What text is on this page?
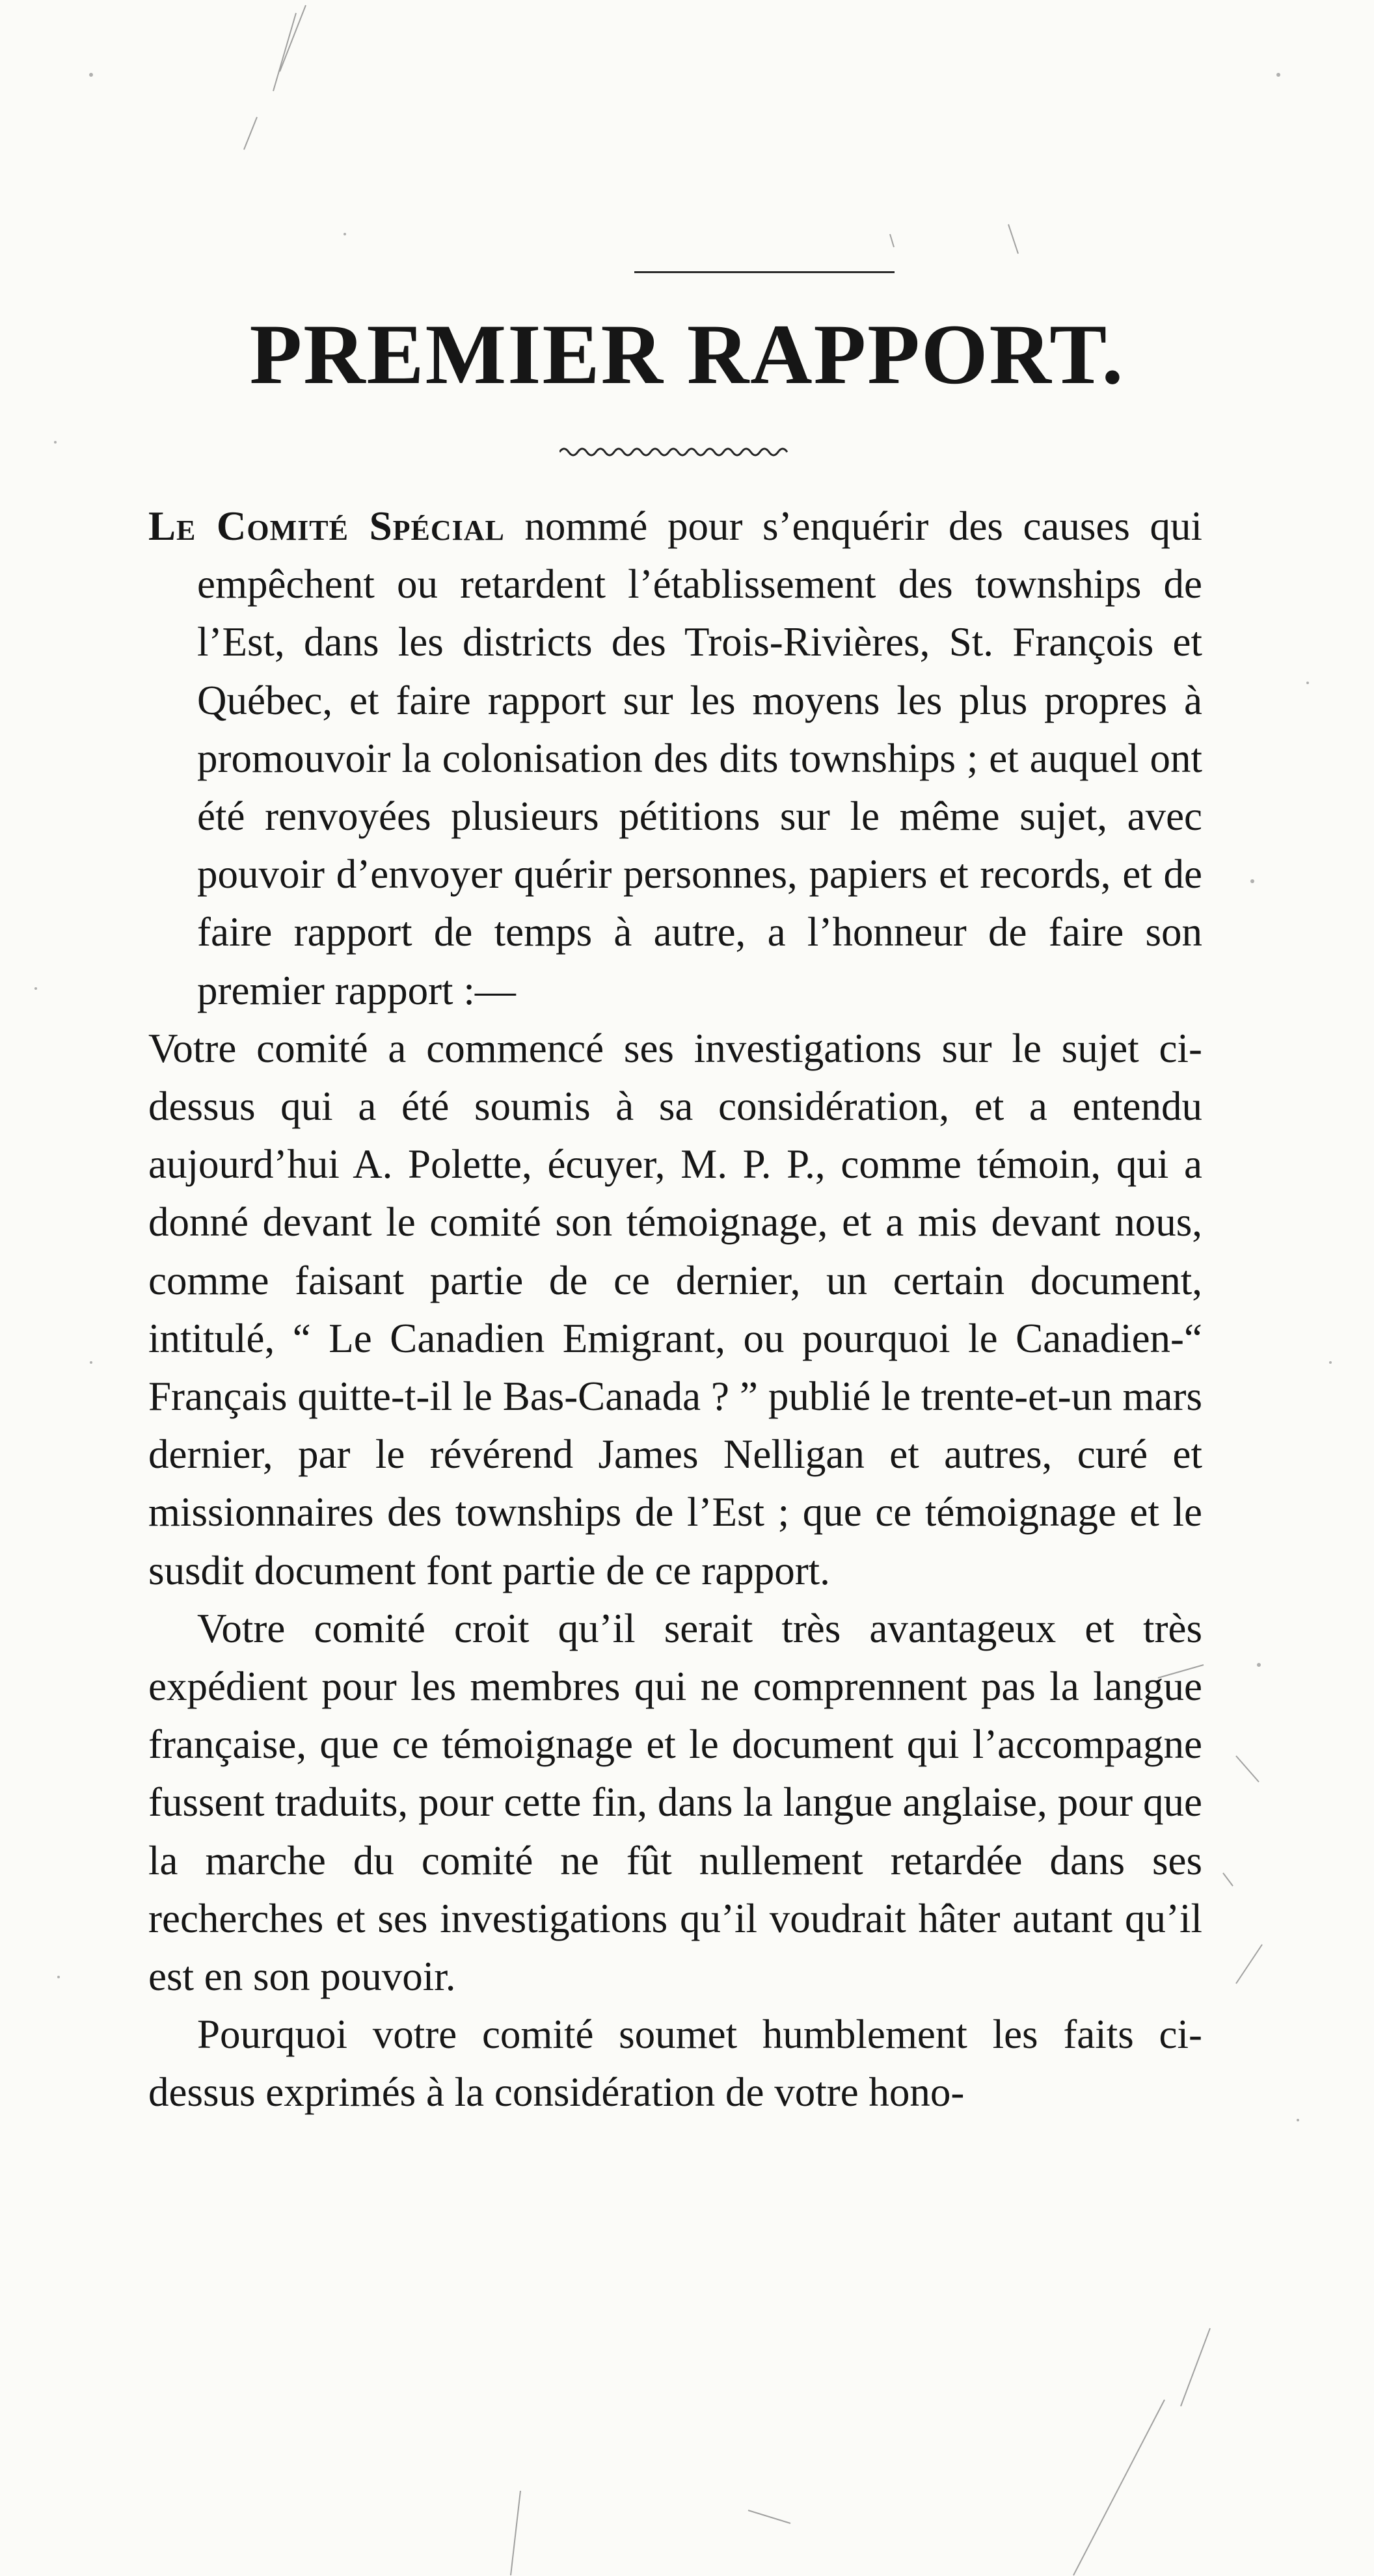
PREMIER RAPPORT.

Le Comité Spécial nommé pour s’enquérir des causes qui empêchent ou retardent l’établissement des townships de l’Est, dans les districts des Trois-Rivières, St. François et Québec, et faire rapport sur les moyens les plus propres à promouvoir la colonisation des dits townships ; et auquel ont été renvoyées plusieurs pétitions sur le même sujet, avec pouvoir d’envoyer quérir personnes, papiers et records, et de faire rapport de temps à autre, a l’honneur de faire son premier rapport :—

Votre comité a commencé ses investigations sur le sujet ci-dessus qui a été soumis à sa considération, et a entendu aujourd’hui A. Polette, écuyer, M. P. P., comme témoin, qui a donné devant le comité son témoignage, et a mis devant nous, comme faisant partie de ce dernier, un certain document, intitulé, “ Le Canadien Emigrant, ou pourquoi le Canadien-“ Français quitte-t-il le Bas-Canada ? ” publié le trente-et-un mars dernier, par le révérend James Nelligan et autres, curé et missionnaires des townships de l’Est ; que ce témoignage et le susdit document font partie de ce rapport.

Votre comité croit qu’il serait très avantageux et très expédient pour les membres qui ne comprennent pas la langue française, que ce témoignage et le document qui l’accompagne fussent traduits, pour cette fin, dans la langue anglaise, pour que la marche du comité ne fût nullement retardée dans ses recherches et ses investigations qu’il voudrait hâter autant qu’il est en son pouvoir.

Pourquoi votre comité soumet humblement les faits ci-dessus exprimés à la considération de votre hono-
